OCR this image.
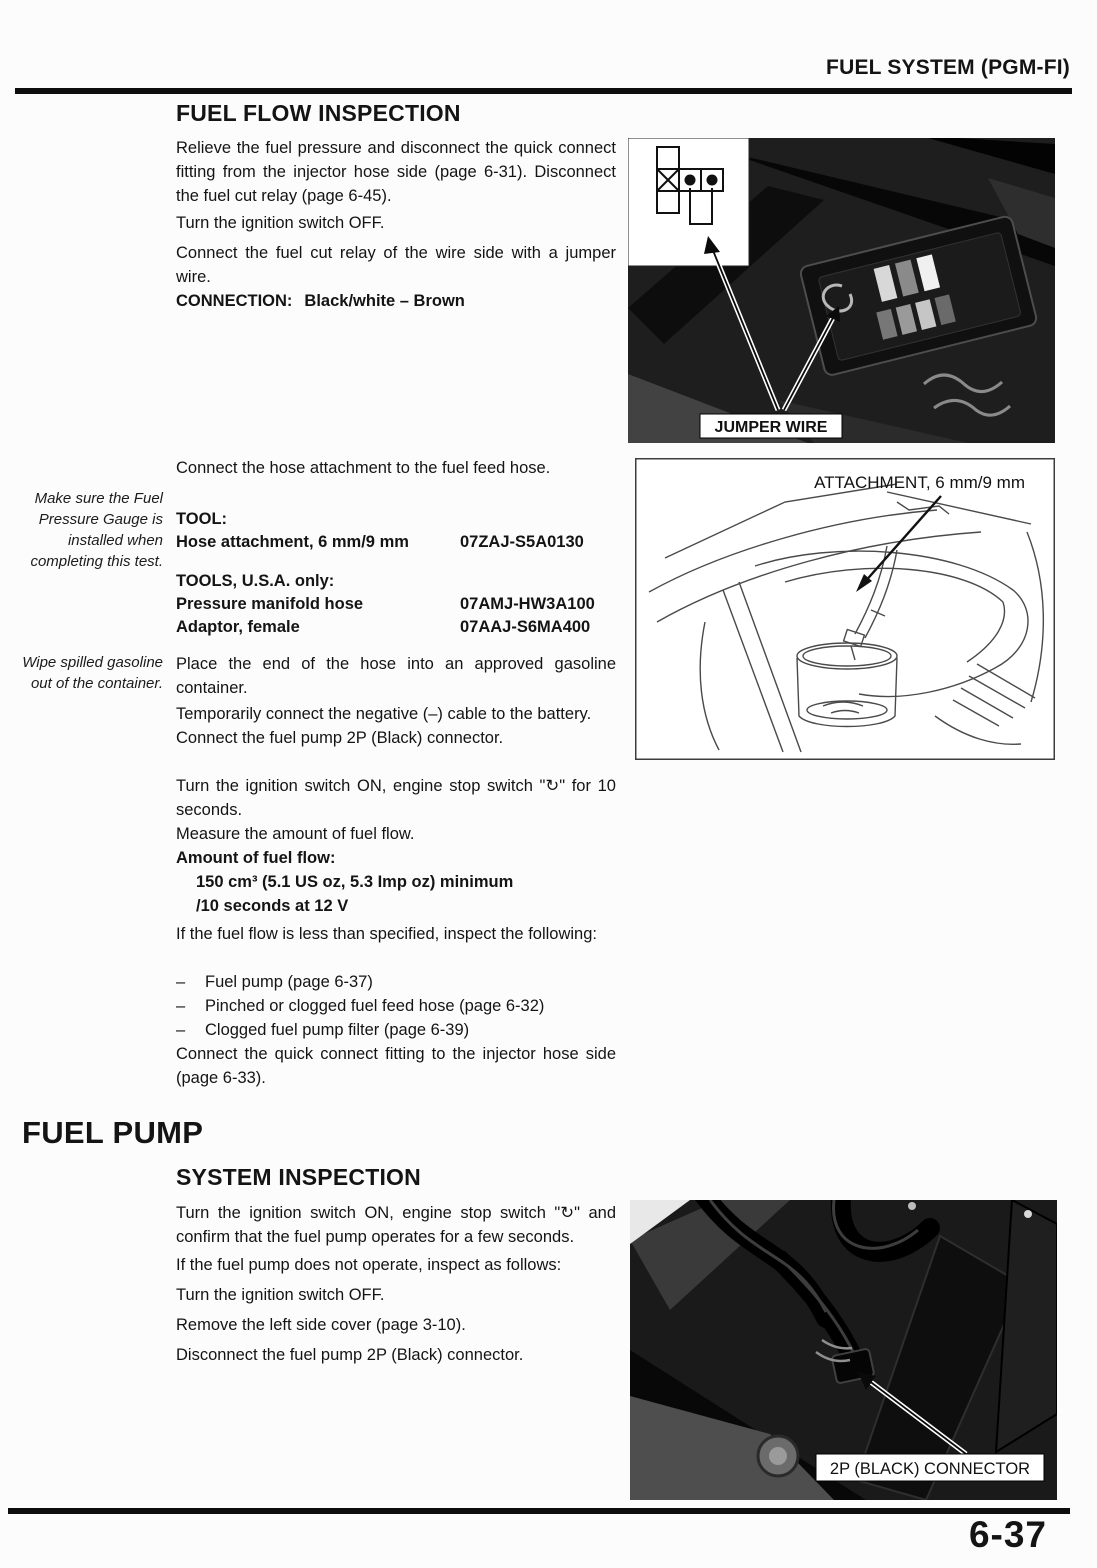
FUEL SYSTEM (PGM-FI)
FUEL FLOW INSPECTION
Relieve the fuel pressure and disconnect the quick connect fitting from the injector hose side (page 6-31). Disconnect the fuel cut relay (page 6-45).
Turn the ignition switch OFF.
Connect the fuel cut relay of the wire side with a jumper wire.
CONNECTION: Black/white – Brown
Connect the hose attachment to the fuel feed hose.
Make sure the Fuel Pressure Gauge is installed when completing this test.
TOOL:
Hose attachment, 6 mm/9 mm	07ZAJ-S5A0130
TOOLS, U.S.A. only:
Pressure manifold hose	07AMJ-HW3A100
Adaptor, female	07AAJ-S6MA400
Wipe spilled gasoline out of the container.
Place the end of the hose into an approved gasoline container.
Temporarily connect the negative (–) cable to the battery.
Connect the fuel pump 2P (Black) connector.
Turn the ignition switch ON, engine stop switch "↻" for 10 seconds.
Measure the amount of fuel flow.
Amount of fuel flow:
150 cm³ (5.1 US oz, 5.3 Imp oz) minimum
/10 seconds at 12 V
If the fuel flow is less than specified, inspect the following:
–	Fuel pump (page 6-37)
–	Pinched or clogged fuel feed hose (page 6-32)
–	Clogged fuel pump filter (page 6-39)
Connect the quick connect fitting to the injector hose side (page 6-33).
FUEL PUMP
SYSTEM INSPECTION
Turn the ignition switch ON, engine stop switch "↻" and confirm that the fuel pump operates for a few seconds.
If the fuel pump does not operate, inspect as follows:
Turn the ignition switch OFF.
Remove the left side cover (page 3-10).
Disconnect the fuel pump 2P (Black) connector.
JUMPER WIRE
ATTACHMENT, 6 mm/9 mm
2P (BLACK) CONNECTOR
6-37
